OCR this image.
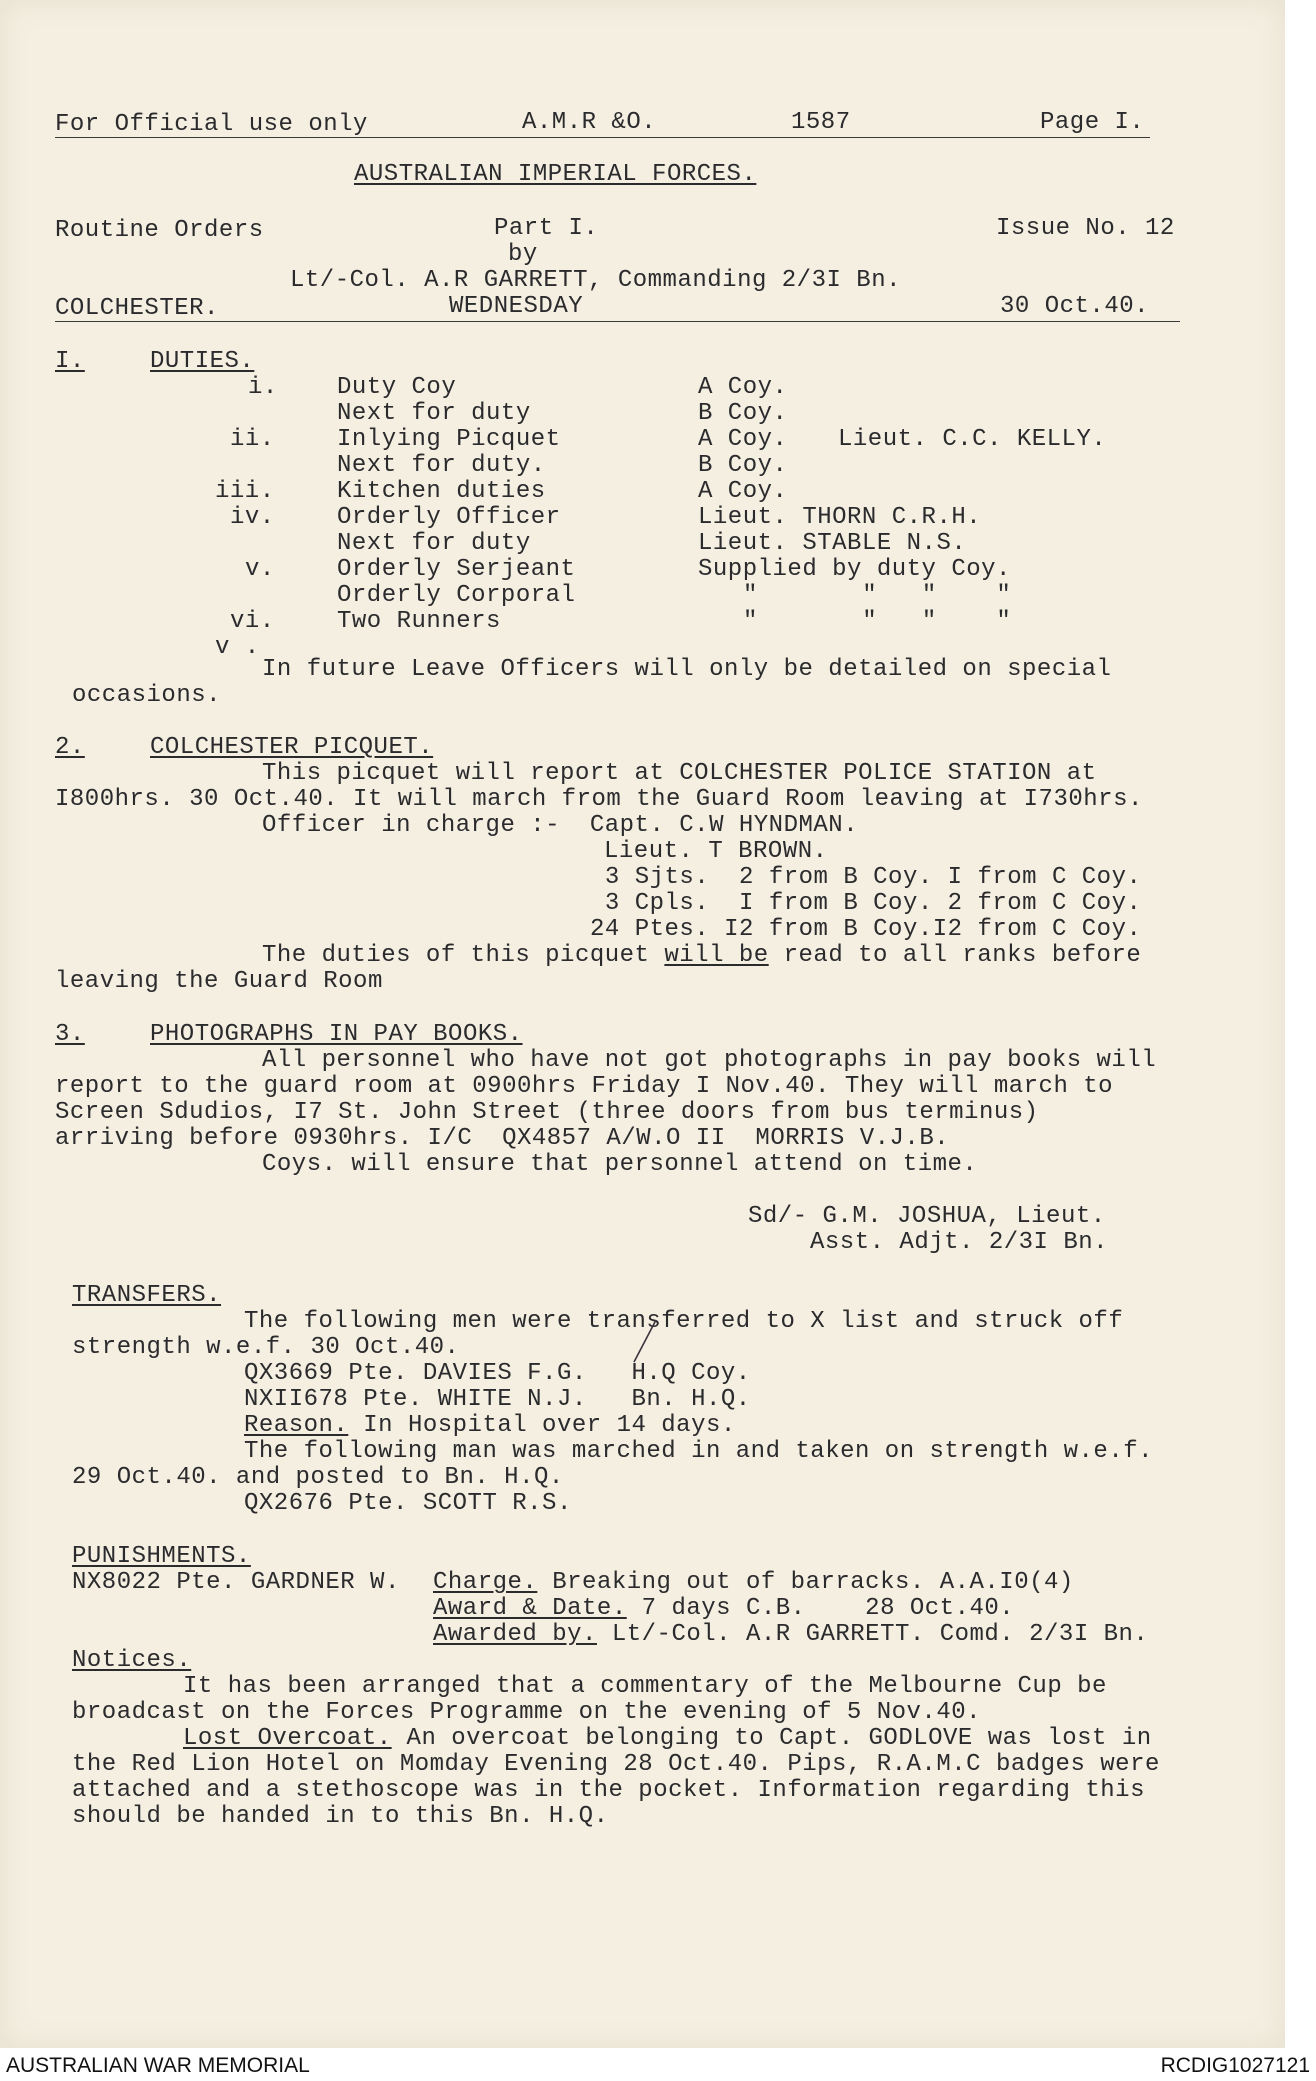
For Official use only	A.M.R &O.	1587	Page I.
AUSTRALIAN IMPERIAL FORCES.
Routine Orders	Part I.	Issue No. 12
by
Lt/-Col. A.R GARRETT, Commanding 2/3I Bn.
COLCHESTER.	WEDNESDAY	30 Oct.40.
I.	DUTIES.
i. Duty Coy	A Coy.
Next for duty	B Coy.
ii.	Inlying Picquet	A Coy. Lieut. C.C. KELLY.
Next for duty.	B Coy.
iii.	Kitchen duties	A Coy.
iv.	Orderly Officer	Lieut. THORN C.R.H.
Next for duty	Lieut. STABLE N.S.
v.	Orderly Serjeant	Supplied by duty Coy.
Orderly Corporal	"       "   "    "
vi.	Two Runners	"       "   "    "
v .
In future Leave Officers will only be detailed on special
occasions.
2.	COLCHESTER PICQUET.
This picquet will report at COLCHESTER POLICE STATION at
I800hrs. 30 Oct.40. It will march from the Guard Room leaving at I730hrs.
Officer in charge :-  Capt. C.W HYNDMAN.
Lieut. T BROWN.
3 Sjts.  2 from B Coy. I from C Coy.
3 Cpls.  I from B Coy. 2 from C Coy.
24 Ptes. I2 from B Coy.I2 from C Coy.
The duties of this picquet will be read to all ranks before
leaving the Guard Room
3.	PHOTOGRAPHS IN PAY BOOKS.
All personnel who have not got photographs in pay books will
report to the guard room at 0900hrs Friday I Nov.40. They will march to
Screen Sdudios, I7 St. John Street (three doors from bus terminus)
arriving before 0930hrs. I/C  QX4857 A/W.O II  MORRIS V.J.B.
Coys. will ensure that personnel attend on time.
Sd/- G.M. JOSHUA, Lieut.
Asst. Adjt. 2/3I Bn.
TRANSFERS.
The following men were transferred to X list and struck off
strength w.e.f. 30 Oct.40.
QX3669 Pte. DAVIES F.G.   H.Q Coy.
NXII678 Pte. WHITE N.J.   Bn. H.Q.
Reason. In Hospital over 14 days.
The following man was marched in and taken on strength w.e.f.
29 Oct.40. and posted to Bn. H.Q.
QX2676 Pte. SCOTT R.S.
PUNISHMENTS.
NX8022 Pte. GARDNER W. Charge. Breaking out of barracks. A.A.I0(4)
Award & Date. 7 days C.B.    28 Oct.40.
Awarded by. Lt/-Col. A.R GARRETT. Comd. 2/3I Bn.
Notices.
It has been arranged that a commentary of the Melbourne Cup be
broadcast on the Forces Programme on the evening of 5 Nov.40.
Lost Overcoat. An overcoat belonging to Capt. GODLOVE was lost in
the Red Lion Hotel on Momday Evening 28 Oct.40. Pips, R.A.M.C badges were
attached and a stethoscope was in the pocket. Information regarding this
should be handed in to this Bn. H.Q.
AUSTRALIAN WAR MEMORIAL	RCDIG1027121
